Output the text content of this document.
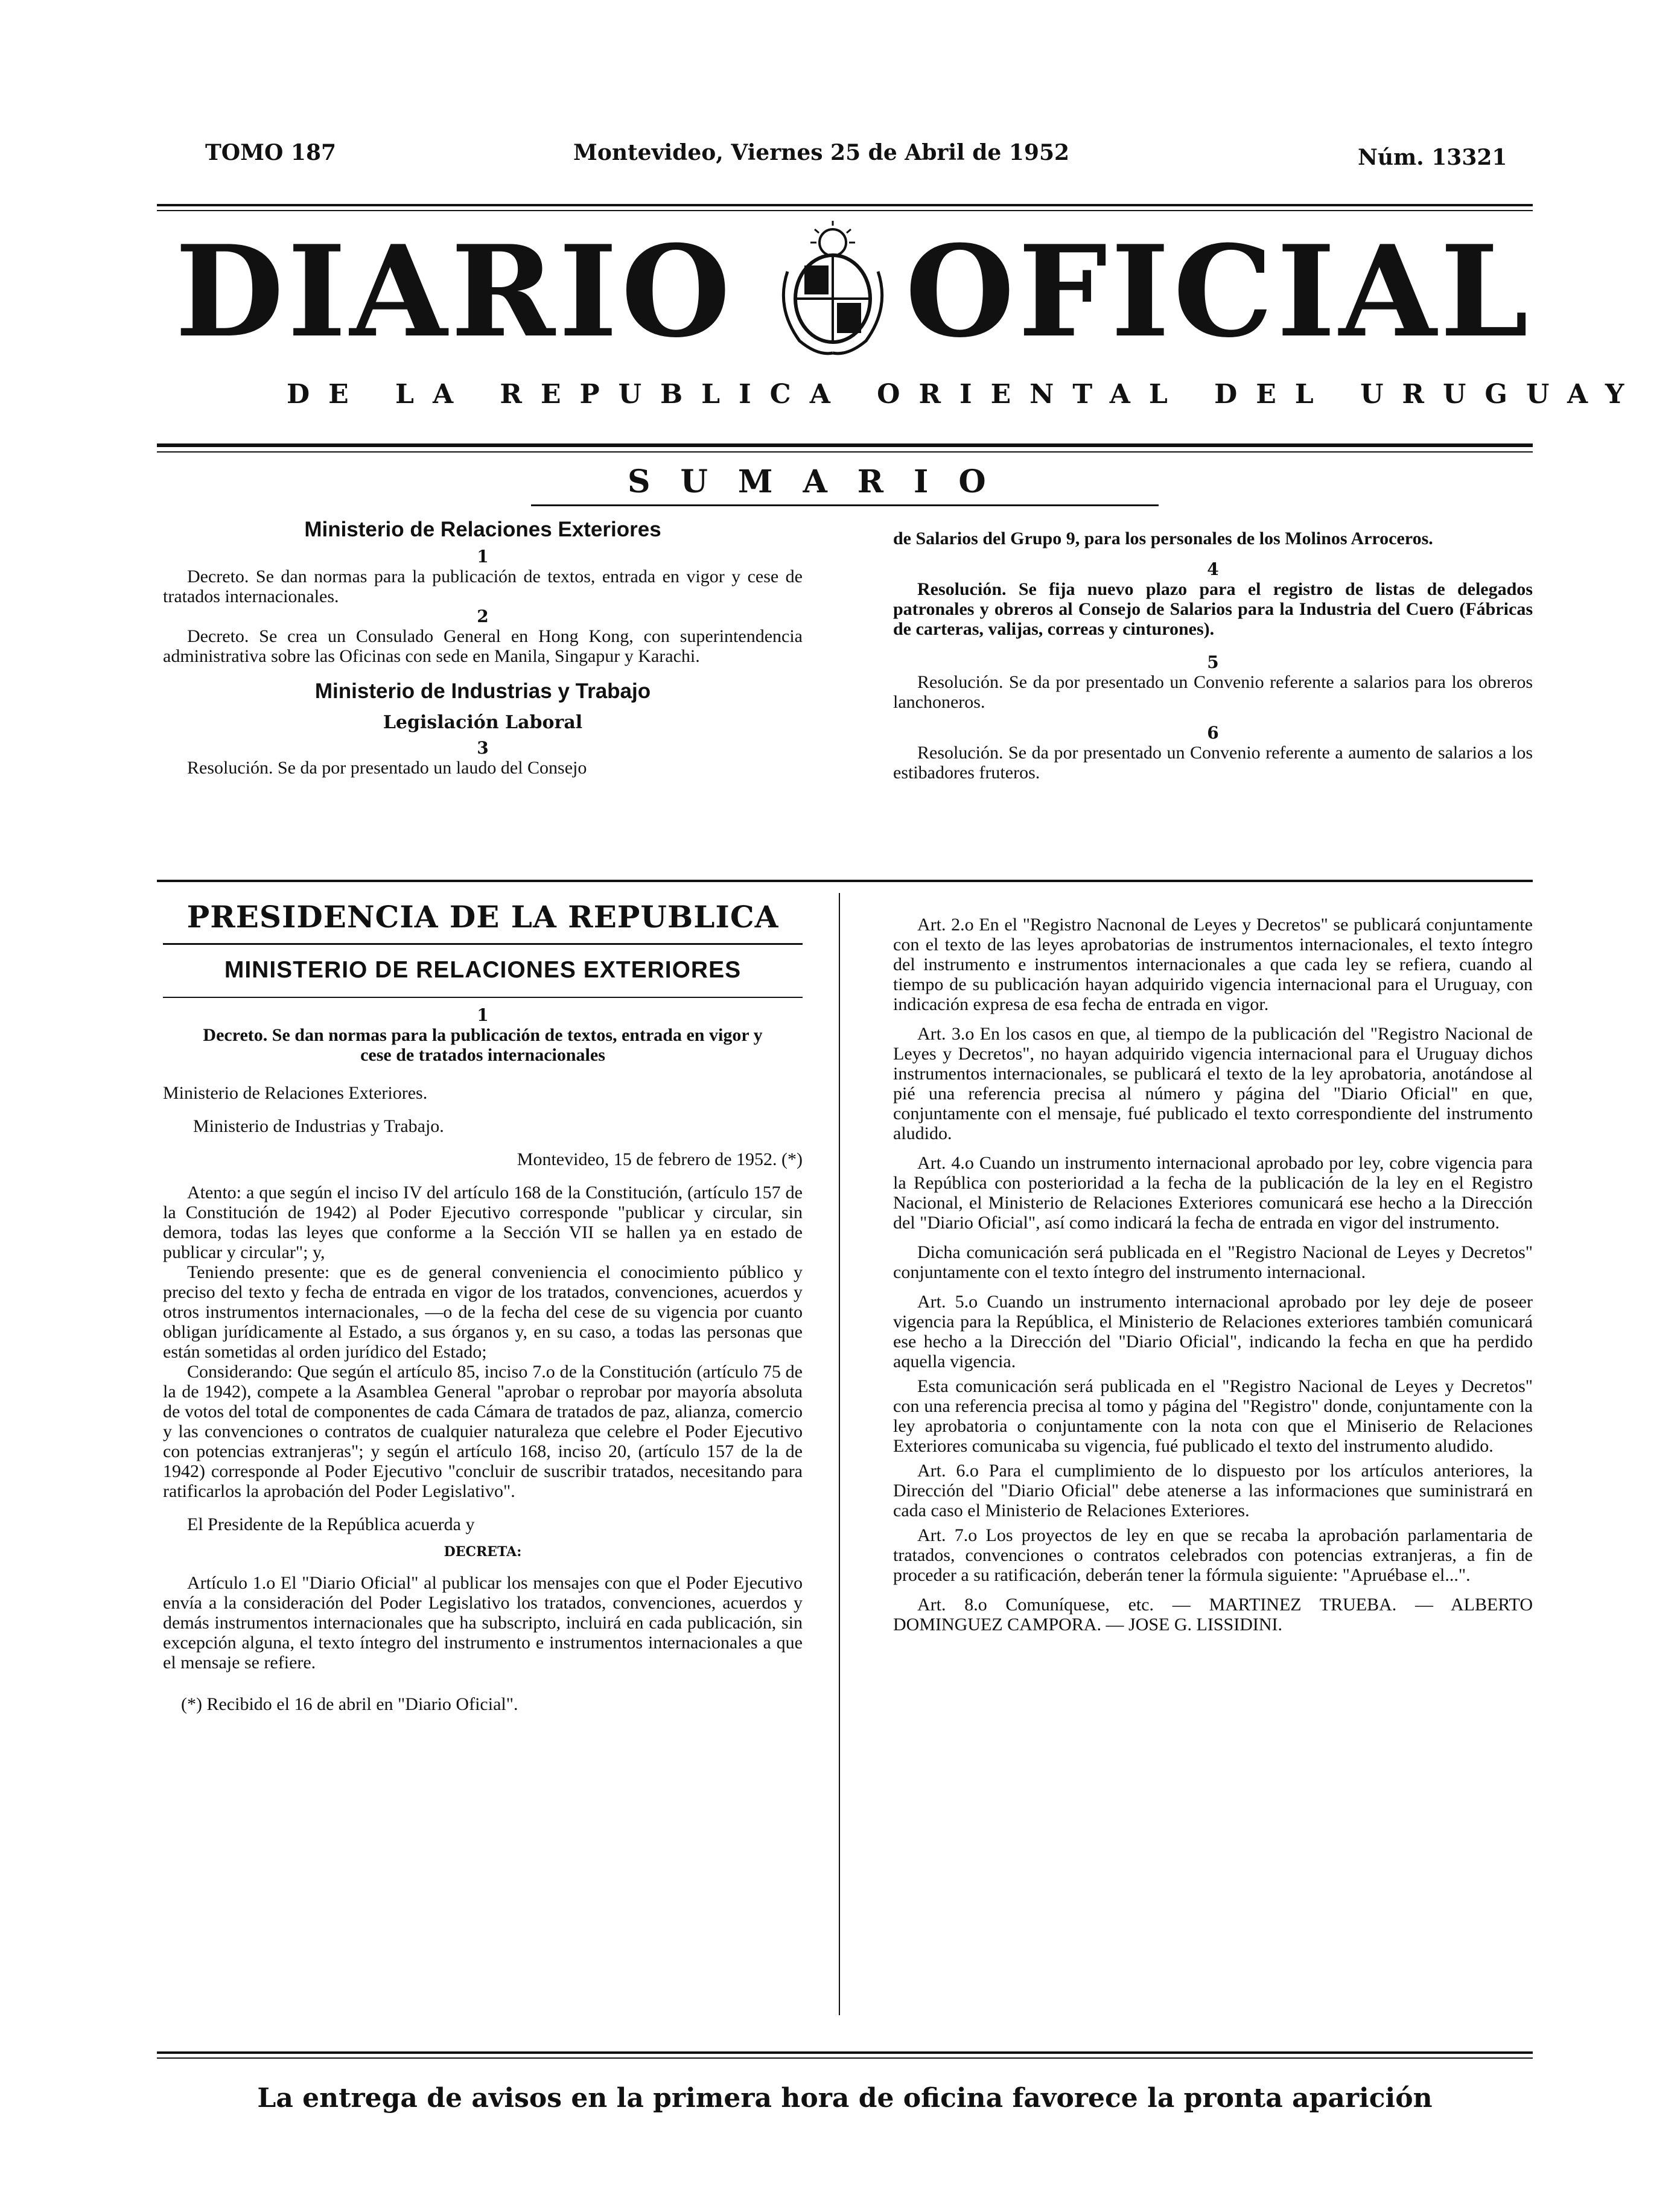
TOMO 187	Montevideo, Viernes 25 de Abril de 1952	Núm. 13321
DIARIO OFICIAL
DE LA REPUBLICA ORIENTAL DEL URUGUAY
SUMARIO
Ministerio de Relaciones Exteriores
1

Decreto. Se dan normas para la publicación de textos, entrada en vigor y cese de tratados internacionales.

2

Decreto. Se crea un Consulado General en Hong Kong, con superintendencia administrativa sobre las Oficinas con sede en Manila, Singapur y Karachi.

Ministerio de Industrias y Trabajo
Legislación Laboral
3

Resolución. Se da por presentado un laudo del Consejo

de Salarios del Grupo 9, para los personales de los Molinos Arroceros.

4

Resolución. Se fija nuevo plazo para el registro de listas de delegados patronales y obreros al Consejo de Salarios para la Industria del Cuero (Fábricas de carteras, valijas, correas y cinturones).

5

Resolución. Se da por presentado un Convenio referente a salarios para los obreros lanchoneros.

6

Resolución. Se da por presentado un Convenio referente a aumento de salarios a los estibadores fruteros.

PRESIDENCIA DE LA REPUBLICA
MINISTERIO DE RELACIONES EXTERIORES
1
Decreto. Se dan normas para la publicación de textos, entrada en vigor y cese de tratados internacionales
Ministerio de Relaciones Exteriores.
Ministerio de Industrias y Trabajo.
Montevideo, 15 de febrero de 1952. (*)

Atento: a que según el inciso IV del artículo 168 de la Constitución, (artículo 157 de la Constitución de 1942) al Poder Ejecutivo corresponde "publicar y circular, sin demora, todas las leyes que conforme a la Sección VII se hallen ya en estado de publicar y circular"; y,

Teniendo presente: que es de general conveniencia el conocimiento público y preciso del texto y fecha de entrada en vigor de los tratados, convenciones, acuerdos y otros instrumentos internacionales, —o de la fecha del cese de su vigencia por cuanto obligan jurídicamente al Estado, a sus órganos y, en su caso, a todas las personas que están sometidas al orden jurídico del Estado;

Considerando: Que según el artículo 85, inciso 7.o de la Constitución (artículo 75 de la de 1942), compete a la Asamblea General "aprobar o reprobar por mayoría absoluta de votos del total de componentes de cada Cámara de tratados de paz, alianza, comercio y las convenciones o contratos de cualquier naturaleza que celebre el Poder Ejecutivo con potencias extranjeras"; y según el artículo 168, inciso 20, (artículo 157 de la de 1942) corresponde al Poder Ejecutivo "concluir de suscribir tratados, necesitando para ratificarlos la aprobación del Poder Legislativo".

El Presidente de la República acuerda y

DECRETA:

Artículo 1.o El "Diario Oficial" al publicar los mensajes con que el Poder Ejecutivo envía a la consideración del Poder Legislativo los tratados, convenciones, acuerdos y demás instrumentos internacionales que ha subscripto, incluirá en cada publicación, sin excepción alguna, el texto íntegro del instrumento e instrumentos internacionales a que el mensaje se refiere.

(*) Recibido el 16 de abril en "Diario Oficial".

Art. 2.o En el "Registro Nacnonal de Leyes y Decretos" se publicará conjuntamente con el texto de las leyes aprobatorias de instrumentos internacionales, el texto íntegro del instrumento e instrumentos internacionales a que cada ley se refiera, cuando al tiempo de su publicación hayan adquirido vigencia internacional para el Uruguay, con indicación expresa de esa fecha de entrada en vigor.

Art. 3.o En los casos en que, al tiempo de la publicación del "Registro Nacional de Leyes y Decretos", no hayan adquirido vigencia internacional para el Uruguay dichos instrumentos internacionales, se publicará el texto de la ley aprobatoria, anotándose al pié una referencia precisa al número y página del "Diario Oficial" en que, conjuntamente con el mensaje, fué publicado el texto correspondiente del instrumento aludido.

Art. 4.o Cuando un instrumento internacional aprobado por ley, cobre vigencia para la República con posterioridad a la fecha de la publicación de la ley en el Registro Nacional, el Ministerio de Relaciones Exteriores comunicará ese hecho a la Dirección del "Diario Oficial", así como indicará la fecha de entrada en vigor del instrumento.

Dicha comunicación será publicada en el "Registro Nacional de Leyes y Decretos" conjuntamente con el texto íntegro del instrumento internacional.

Art. 5.o Cuando un instrumento internacional aprobado por ley deje de poseer vigencia para la República, el Ministerio de Relaciones exteriores también comunicará ese hecho a la Dirección del "Diario Oficial", indicando la fecha en que ha perdido aquella vigencia.

Esta comunicación será publicada en el "Registro Nacional de Leyes y Decretos" con una referencia precisa al tomo y página del "Registro" donde, conjuntamente con la ley aprobatoria o conjuntamente con la nota con que el Miniserio de Relaciones Exteriores comunicaba su vigencia, fué publicado el texto del instrumento aludido.

Art. 6.o Para el cumplimiento de lo dispuesto por los artículos anteriores, la Dirección del "Diario Oficial" debe atenerse a las informaciones que suministrará en cada caso el Ministerio de Relaciones Exteriores.

Art. 7.o Los proyectos de ley en que se recaba la aprobación parlamentaria de tratados, convenciones o contratos celebrados con potencias extranjeras, a fin de proceder a su ratificación, deberán tener la fórmula siguiente: "Apruébase el...".

Art. 8.o Comuníquese, etc. — MARTINEZ TRUEBA. — ALBERTO DOMINGUEZ CAMPORA. — JOSE G. LISSIDINI.

La entrega de avisos en la primera hora de oficina favorece la pronta aparición
